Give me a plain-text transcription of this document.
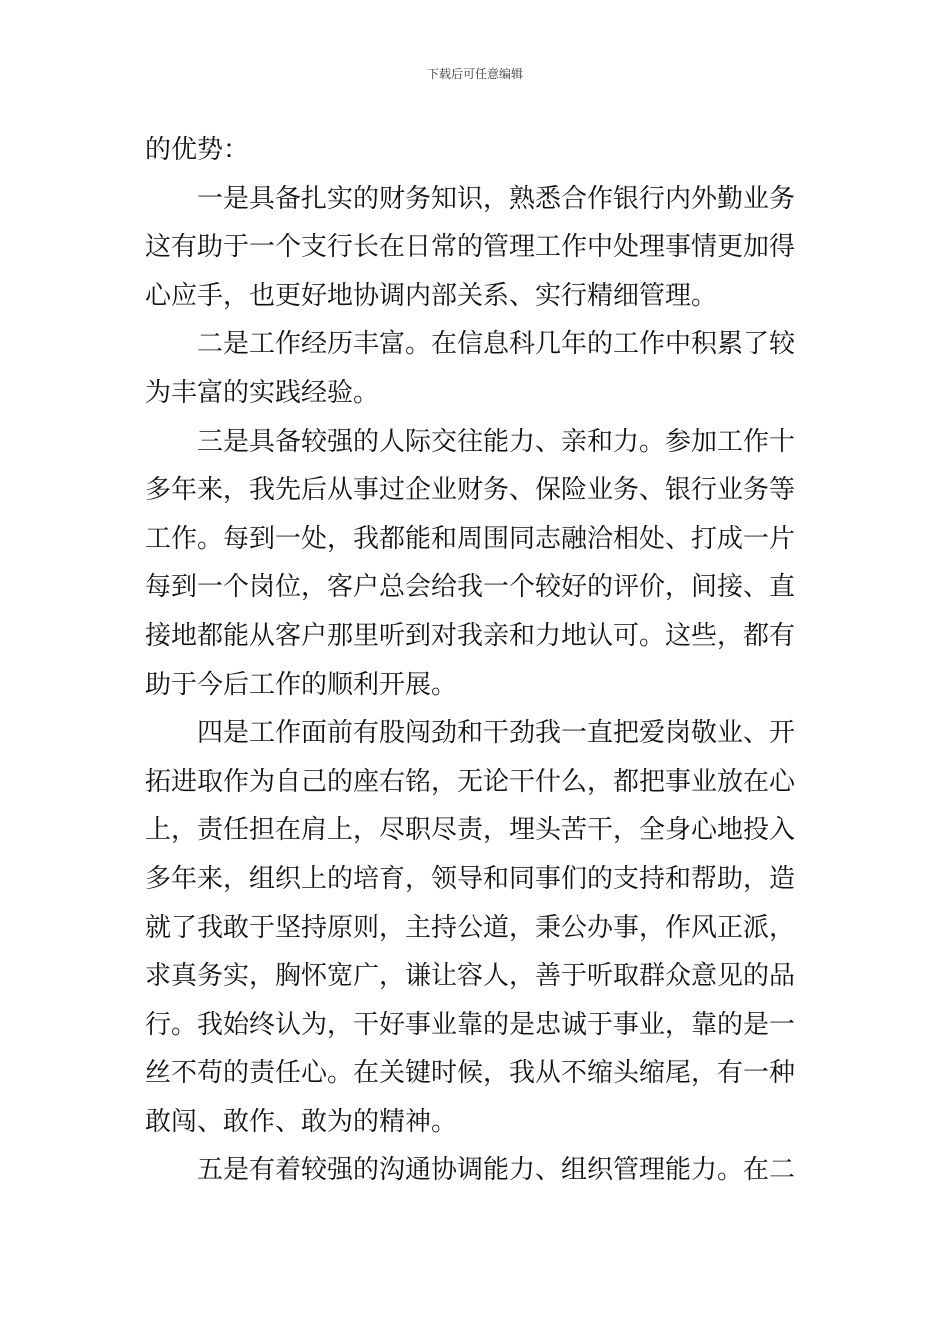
下载后可任意编辑
的优势：
一是具备扎实的财务知识，熟悉合作银行内外勤业务
这有助于一个支行长在日常的管理工作中处理事情更加得
心应手，也更好地协调内部关系、实行精细管理。
二是工作经历丰富。在信息科几年的工作中积累了较
为丰富的实践经验。
三是具备较强的人际交往能力、亲和力。参加工作十
多年来，我先后从事过企业财务、保险业务、银行业务等
工作。每到一处，我都能和周围同志融洽相处、打成一片
每到一个岗位，客户总会给我一个较好的评价，间接、直
接地都能从客户那里听到对我亲和力地认可。这些，都有
助于今后工作的顺利开展。
四是工作面前有股闯劲和干劲我一直把爱岗敬业、开
拓进取作为自己的座右铭，无论干什么，都把事业放在心
上，责任担在肩上，尽职尽责，埋头苦干，全身心地投入
多年来，组织上的培育，领导和同事们的支持和帮助，造
就了我敢于坚持原则，主持公道，秉公办事，作风正派，
求真务实，胸怀宽广，谦让容人，善于听取群众意见的品
行。我始终认为，干好事业靠的是忠诚于事业，靠的是一
丝不苟的责任心。在关键时候，我从不缩头缩尾，有一种
敢闯、敢作、敢为的精神。
五是有着较强的沟通协调能力、组织管理能力。在二
